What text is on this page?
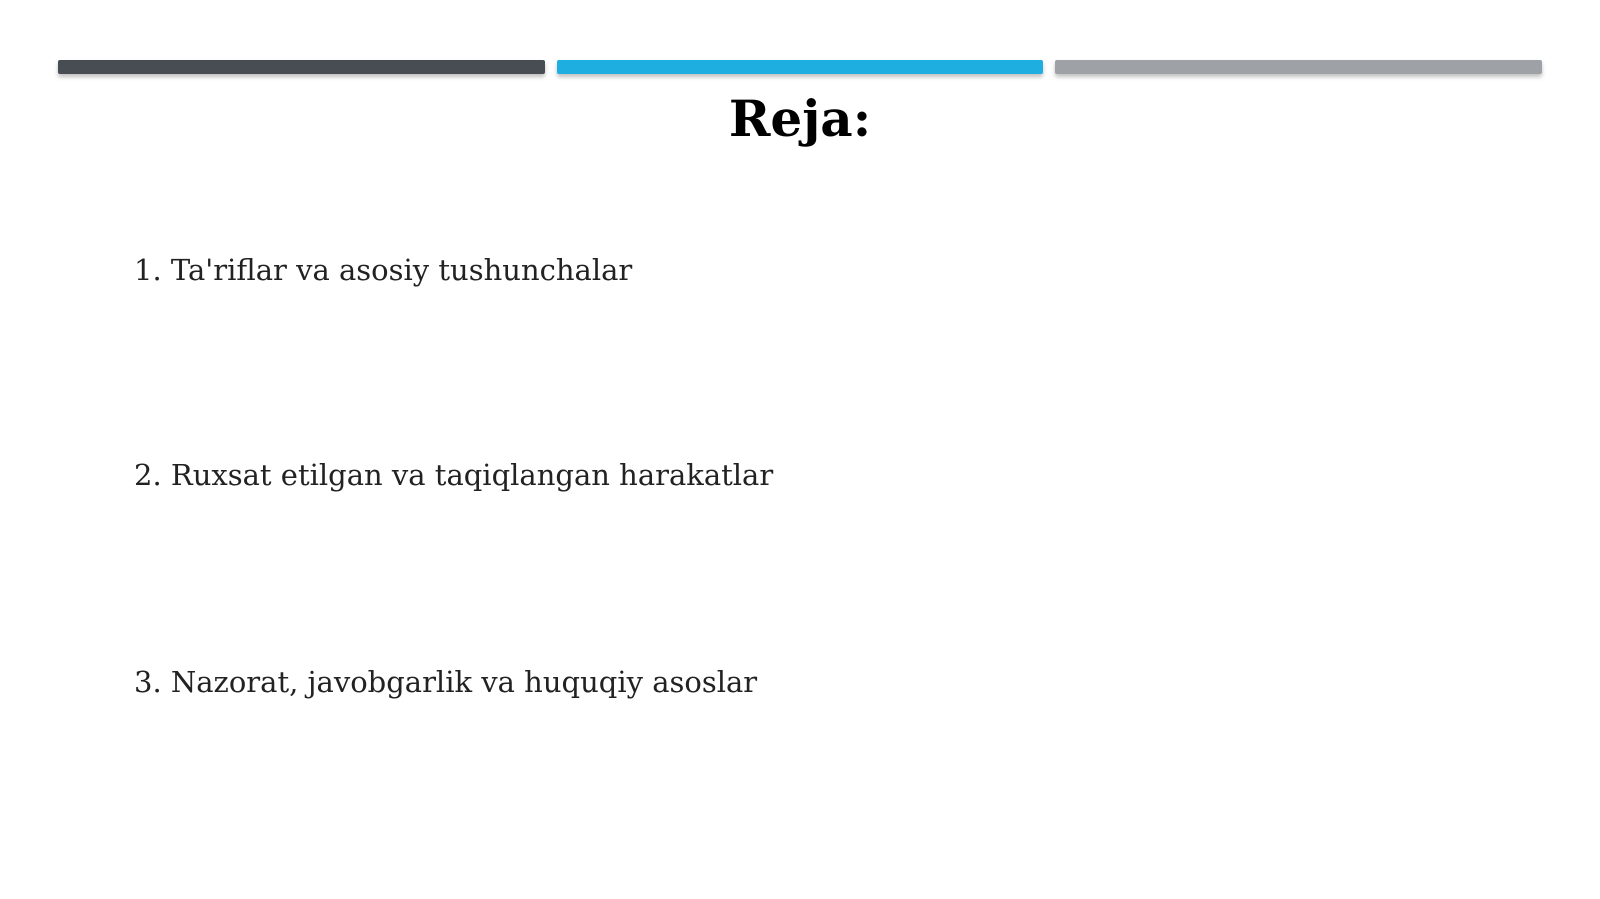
Reja:
1. Ta'riflar va asosiy tushunchalar
2. Ruxsat etilgan va taqiqlangan harakatlar
3. Nazorat, javobgarlik va huquqiy asoslar
